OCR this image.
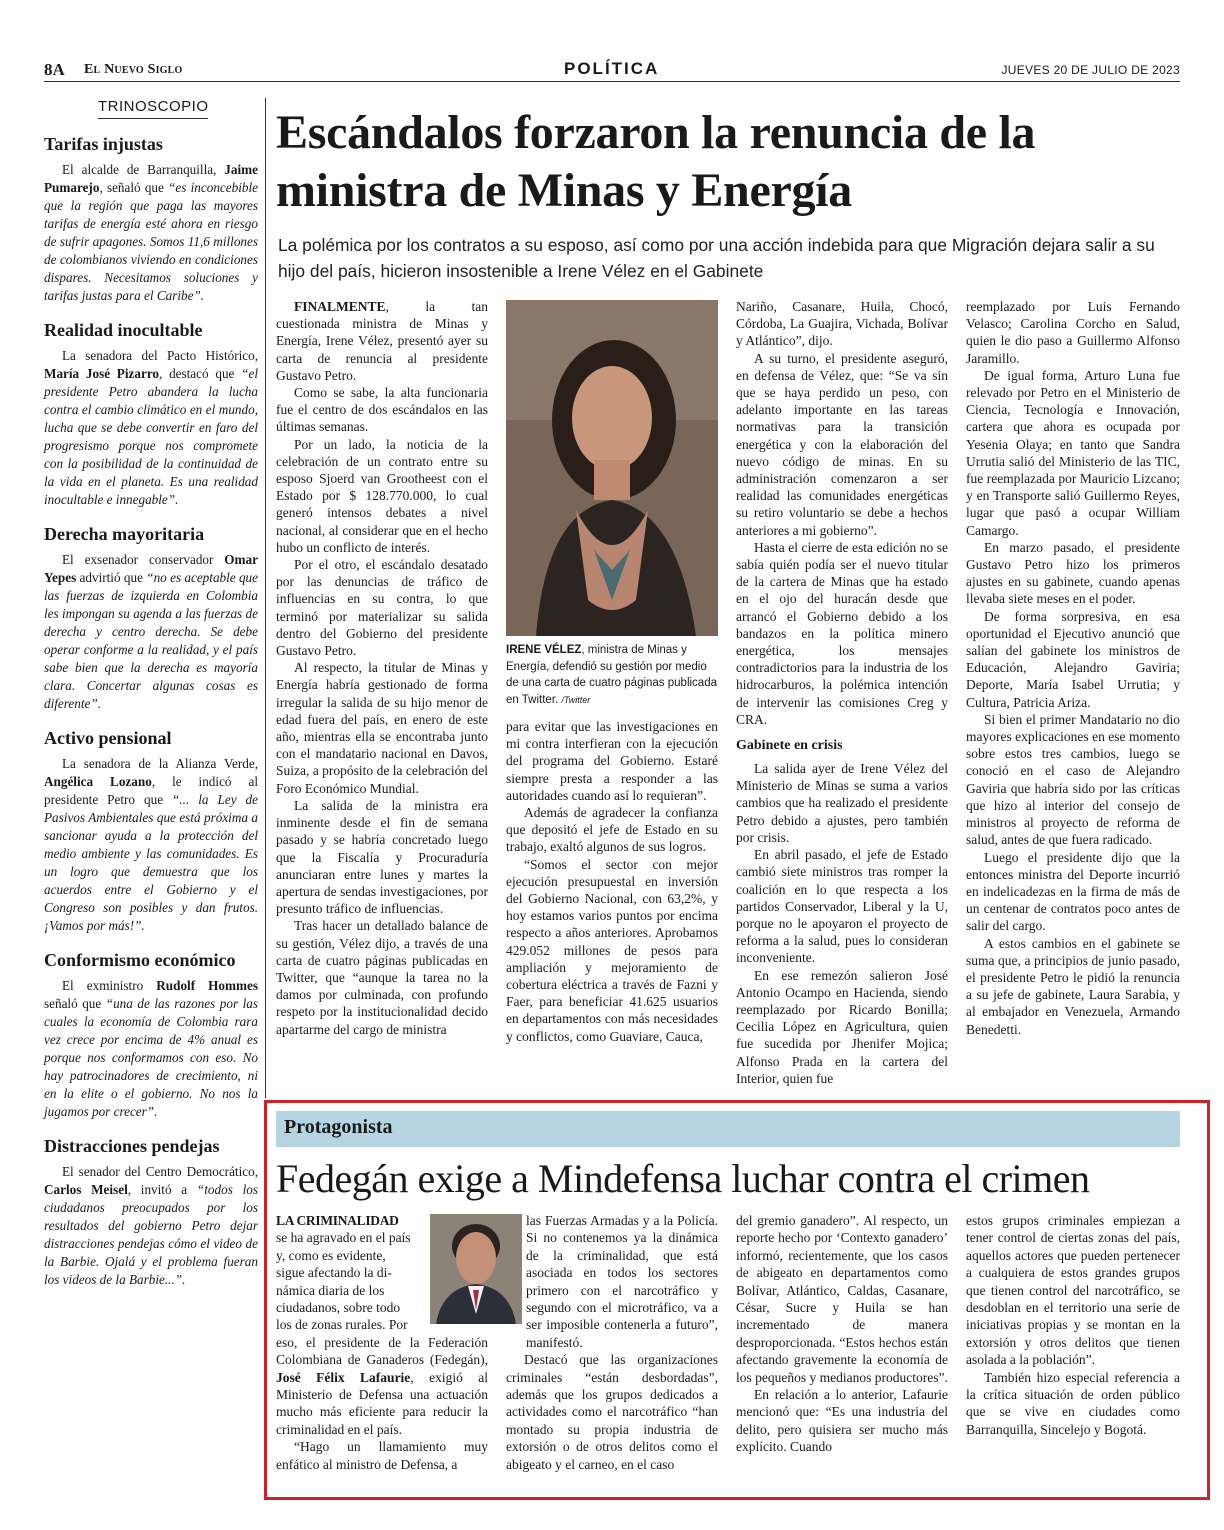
8A El Nuevo Siglo	POLÍTICA	JUEVES 20 DE JULIO DE 2023
TRINOSCOPIO
Tarifas injustas

El alcalde de Barranquilla, Jaime Pumarejo, señaló que “es inconcebible que la región que paga las mayores tarifas de energía esté ahora en riesgo de sufrir apagones. Somos 11,6 millones de colombianos viviendo en condiciones dispares. Necesitamos soluciones y tarifas justas para el Caribe”.

Realidad inocultable

La senadora del Pacto Histórico, María José Pizarro, destacó que “el presidente Petro abandera la lucha contra el cambio climático en el mundo, lucha que se debe convertir en faro del progresismo porque nos compromete con la posibilidad de la continuidad de la vida en el planeta. Es una realidad inocultable e innegable”.

Derecha mayoritaria

El exsenador conservador Omar Yepes advirtió que “no es aceptable que las fuerzas de izquierda en Colombia les impongan su agenda a las fuerzas de derecha y centro derecha. Se debe operar conforme a la realidad, y el país sabe bien que la derecha es mayoría clara. Concertar algunas cosas es diferente”.

Activo pensional

La senadora de la Alianza Verde, Angélica Lozano, le indicó al presidente Petro que “... la Ley de Pasivos Ambientales que está próxima a sancionar ayuda a la protección del medio ambiente y las comunidades. Es un logro que demuestra que los acuerdos entre el Gobierno y el Congreso son posibles y dan frutos. ¡Vamos por más!”.

Conformismo económico

El exministro Rudolf Hommes señaló que “una de las razones por las cuales la economía de Colombia rara vez crece por encima de 4% anual es porque nos conformamos con eso. No hay patrocinadores de crecimiento, ni en la elite o el gobierno. No nos la jugamos por crecer”.

Distracciones pendejas

El senador del Centro Democrático, Carlos Meisel, invitó a “todos los ciudadanos preocupados por los resultados del gobierno Petro dejar distracciones pendejas cómo el video de la Barbie. Ojalá y el problema fueran los videos de la Barbie...”.

Escándalos forzaron la renuncia de la ministra de Minas y Energía
La polémica por los contratos a su esposo, así como por una acción indebida para que Migración dejara salir a su hijo del país, hicieron insostenible a Irene Vélez en el Gabinete

FINALMENTE, la tan cuestionada ministra de Minas y Energía, Irene Vélez, presentó ayer su carta de renuncia al presidente Gustavo Petro.

Como se sabe, la alta funcionaria fue el centro de dos escándalos en las últimas semanas.

Por un lado, la noticia de la celebración de un contrato entre su esposo Sjoerd van Grootheest con el Estado por $ 128.770.000, lo cual generó intensos debates a nivel nacional, al considerar que en el hecho hubo un conflicto de interés.

Por el otro, el escándalo desatado por las denuncias de tráfico de influencias en su contra, lo que terminó por materializar su salida dentro del Gobierno del presidente Gustavo Petro.

Al respecto, la titular de Minas y Energía habría gestionado de forma irregular la salida de su hijo menor de edad fuera del país, en enero de este año, mientras ella se encontraba junto con el mandatario nacional en Davos, Suiza, a propósito de la celebración del Foro Económico Mundial.

La salida de la ministra era inminente desde el fin de semana pasado y se habría concretado luego que la Fiscalía y Procuraduría anunciaran entre lunes y martes la apertura de sendas investigaciones, por presunto tráfico de influencias.

Tras hacer un detallado balance de su gestión, Vélez dijo, a través de una carta de cuatro páginas publicadas en Twitter, que “aunque la tarea no la damos por culminada, con profundo respeto por la institucionalidad decido apartarme del cargo de ministra

IRENE VÉLEZ, ministra de Minas y Energía, defendió su gestión por medio de una carta de cuatro páginas publicada en Twitter. /Twitter

para evitar que las investigaciones en mi contra interfieran con la ejecución del programa del Gobierno. Estaré siempre presta a responder a las autoridades cuando así lo requieran”.

Además de agradecer la confianza que depositó el jefe de Estado en su trabajo, exaltó algunos de sus logros.

“Somos el sector con mejor ejecución presupuestal en inversión del Gobierno Nacional, con 63,2%, y hoy estamos varios puntos por encima respecto a años anteriores. Aprobamos 429.052 millones de pesos para ampliación y mejoramiento de cobertura eléctrica a través de Fazni y Faer, para beneficiar 41.625 usuarios en departamentos con más necesidades y conflictos, como Guaviare, Cauca,

Nariño, Casanare, Huila, Chocó, Córdoba, La Guajira, Vichada, Bolívar y Atlántico”, dijo.

A su turno, el presidente aseguró, en defensa de Vélez, que: “Se va sin que se haya perdido un peso, con adelanto importante en las tareas normativas para la transición energética y con la elaboración del nuevo código de minas. En su administración comenzaron a ser realidad las comunidades energéticas su retiro voluntario se debe a hechos anteriores a mi gobierno”.

Hasta el cierre de esta edición no se sabía quién podía ser el nuevo titular de la cartera de Minas que ha estado en el ojo del huracán desde que arrancó el Gobierno debido a los bandazos en la política minero energética, los mensajes contradictorios para la industria de los hidrocarburos, la polémica intención de intervenir las comisiones Creg y CRA.

Gabinete en crisis

La salida ayer de Irene Vélez del Ministerio de Minas se suma a varios cambios que ha realizado el presidente Petro debido a ajustes, pero también por crisis.

En abril pasado, el jefe de Estado cambió siete ministros tras romper la coalición en lo que respecta a los partidos Conservador, Liberal y la U, porque no le apoyaron el proyecto de reforma a la salud, pues lo consideran inconveniente.

En ese remezón salieron José Antonio Ocampo en Hacienda, siendo reemplazado por Ricardo Bonilla; Cecilia López en Agricultura, quien fue sucedida por Jhenifer Mojica; Alfonso Prada en la cartera del Interior, quien fue

reemplazado por Luis Fernando Velasco; Carolina Corcho en Salud, quien le dio paso a Guillermo Alfonso Jaramillo.

De igual forma, Arturo Luna fue relevado por Petro en el Ministerio de Ciencia, Tecnología e Innovación, cartera que ahora es ocupada por Yesenia Olaya; en tanto que Sandra Urrutia salió del Ministerio de las TIC, fue reemplazada por Mauricio Lizcano; y en Transporte salió Guillermo Reyes, lugar que pasó a ocupar William Camargo.

En marzo pasado, el presidente Gustavo Petro hizo los primeros ajustes en su gabinete, cuando apenas llevaba siete meses en el poder.

De forma sorpresiva, en esa oportunidad el Ejecutivo anunció que salían del gabinete los ministros de Educación, Alejandro Gaviria; Deporte, María Isabel Urrutia; y Cultura, Patricia Ariza.

Si bien el primer Mandatario no dio mayores explicaciones en ese momento sobre estos tres cambios, luego se conoció en el caso de Alejandro Gaviria que habría sido por las críticas que hizo al interior del consejo de ministros al proyecto de reforma de salud, antes de que fuera radicado.

Luego el presidente dijo que la entonces ministra del Deporte incurrió en indelicadezas en la firma de más de un centenar de contratos poco antes de salir del cargo.

A estos cambios en el gabinete se suma que, a principios de junio pasado, el presidente Petro le pidió la renuncia a su jefe de gabinete, Laura Sarabia, y al embajador en Venezuela, Armando Benedetti.

Protagonista
Fedegán exige a Mindefensa luchar contra el crimen
LA CRIMINALIDAD
se ha agravado en el país
y, como es evidente,
sigue afectando la di-
námica diaria de los
ciudadanos, sobre todo
los de zonas rurales. Por

eso, el presidente de la Federación Colombiana de Ganaderos (Fedegán), José Félix Lafaurie, exigió al Ministerio de Defensa una actuación mucho más eficiente para reducir la criminalidad en el país.

“Hago un llamamiento muy enfático al ministro de Defensa, a

las Fuerzas Armadas y a la Policía. Si no contenemos ya la dinámica de la criminalidad, que está asociada en todos los sectores primero con el narcotráfico y segundo con el microtráfico, va a ser imposible contenerla a futuro”, manifestó.

Destacó que las organizaciones criminales “están desbordadas”, además que los grupos dedicados a actividades como el narcotráfico “han montado su propia industria de extorsión o de otros delitos como el abigeato y el carneo, en el caso

del gremio ganadero”. Al respecto, un reporte hecho por ‘Contexto ganadero’ informó, recientemente, que los casos de abigeato en departamentos como Bolívar, Atlántico, Caldas, Casanare, César, Sucre y Huila se han incrementado de manera desproporcionada. “Estos hechos están afectando gravemente la economía de los pequeños y medianos productores”.

En relación a lo anterior, Lafaurie mencionó que: “Es una industria del delito, pero quisiera ser mucho más explícito. Cuando

estos grupos criminales empiezan a tener control de ciertas zonas del país, aquellos actores que pueden pertenecer a cualquiera de estos grandes grupos que tienen control del narcotráfico, se desdoblan en el territorio una serie de iniciativas propias y se montan en la extorsión y otros delitos que tienen asolada a la población”.

También hizo especial referencia a la crítica situación de orden público que se vive en ciudades como Barranquilla, Sincelejo y Bogotá.
